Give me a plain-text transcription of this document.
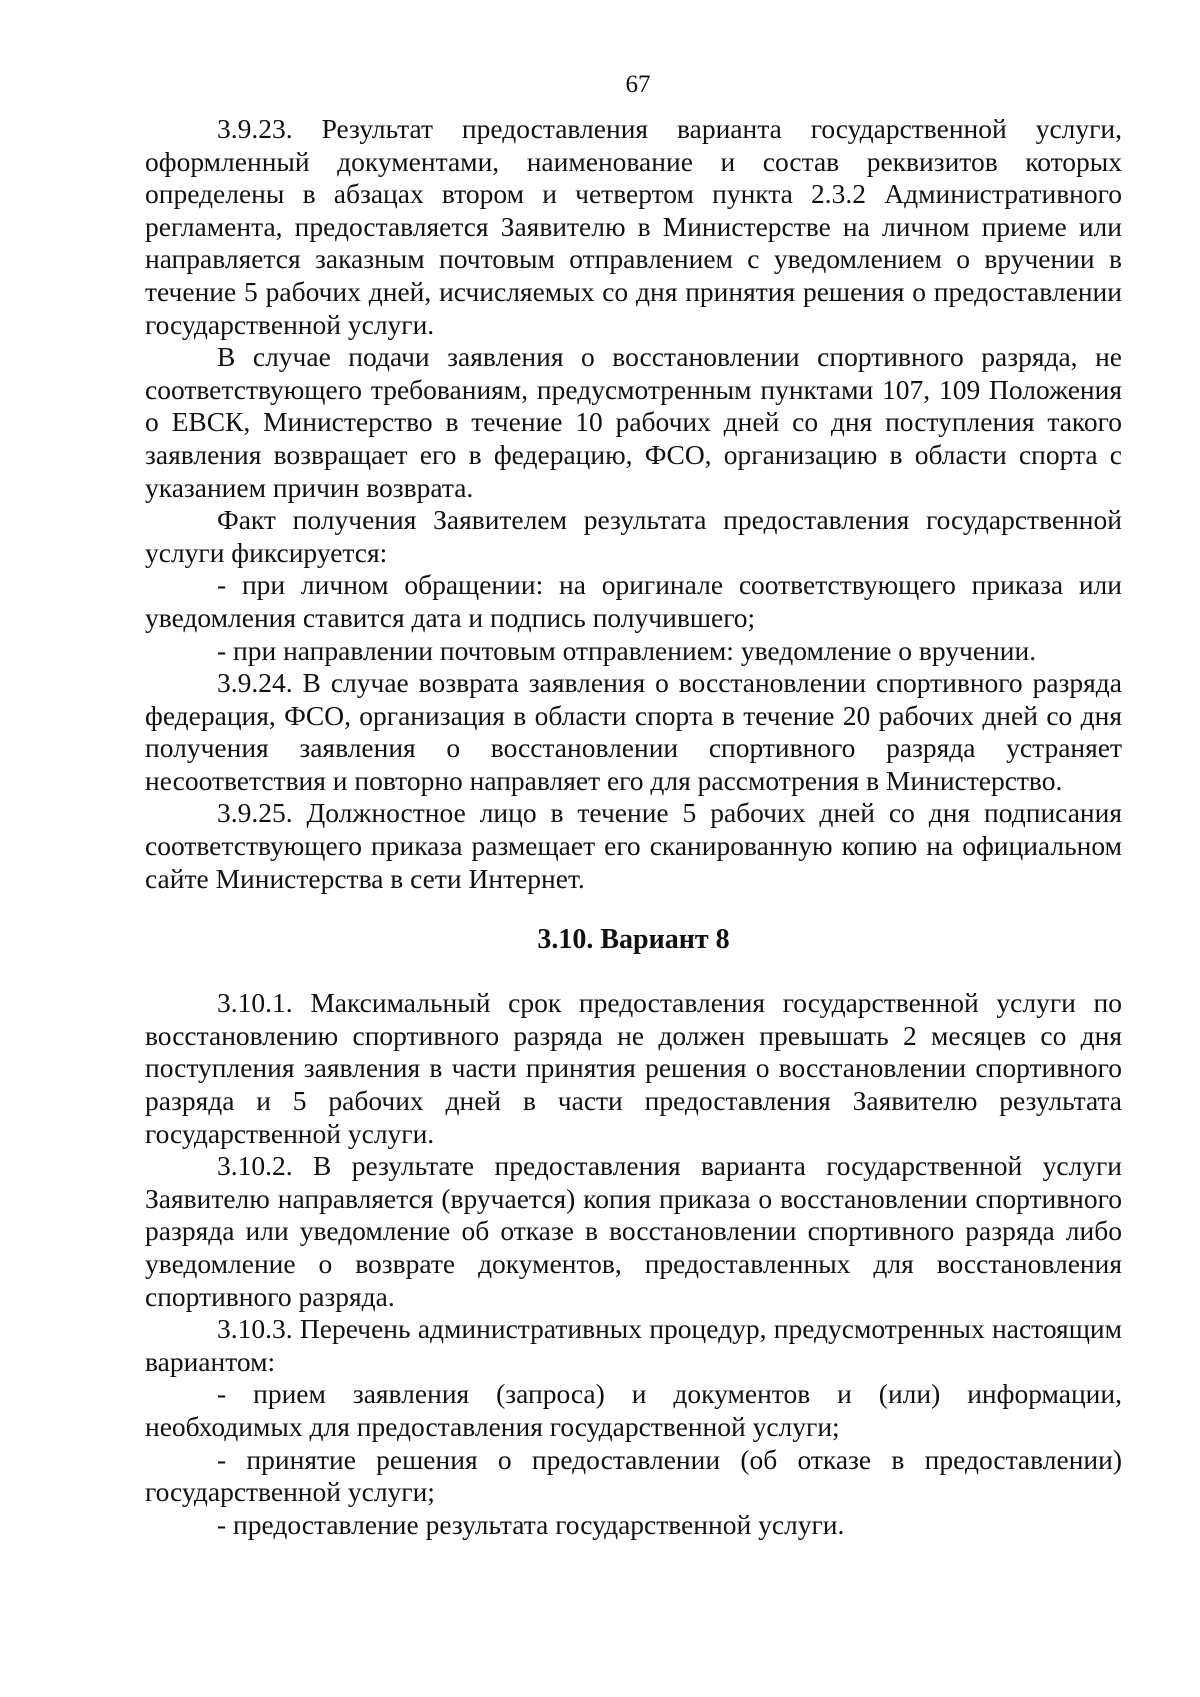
67

3.9.23. Результат предоставления варианта государственной услуги, оформленный документами, наименование и состав реквизитов которых определены в абзацах втором и четвертом пункта 2.3.2 Административного регламента, предоставляется Заявителю в Министерстве на личном приеме или направляется заказным почтовым отправлением с уведомлением о вручении в течение 5 рабочих дней, исчисляемых со дня принятия решения о предоставлении государственной услуги.

В случае подачи заявления о восстановлении спортивного разряда, не соответствующего требованиям, предусмотренным пунктами 107, 109 Положения о ЕВСК, Министерство в течение 10 рабочих дней со дня поступления такого заявления возвращает его в федерацию, ФСО, организацию в области спорта с указанием причин возврата.

Факт получения Заявителем результата предоставления государственной услуги фиксируется:

- при личном обращении: на оригинале соответствующего приказа или уведомления ставится дата и подпись получившего;

- при направлении почтовым отправлением: уведомление о вручении.

3.9.24. В случае возврата заявления о восстановлении спортивного разряда федерация, ФСО, организация в области спорта в течение 20 рабочих дней со дня получения заявления о восстановлении спортивного разряда устраняет несоответствия и повторно направляет его для рассмотрения в Министерство.

3.9.25. Должностное лицо в течение 5 рабочих дней со дня подписания соответствующего приказа размещает его сканированную копию на официальном сайте Министерства в сети Интернет.

3.10. Вариант 8

3.10.1. Максимальный срок предоставления государственной услуги по восстановлению спортивного разряда не должен превышать 2 месяцев со дня поступления заявления в части принятия решения о восстановлении спортивного разряда и 5 рабочих дней в части предоставления Заявителю результата государственной услуги.

3.10.2. В результате предоставления варианта государственной услуги Заявителю направляется (вручается) копия приказа о восстановлении спортивного разряда или уведомление об отказе в восстановлении спортивного разряда либо уведомление о возврате документов, предоставленных для восстановления спортивного разряда.

3.10.3. Перечень административных процедур, предусмотренных настоящим вариантом:

- прием заявления (запроса) и документов и (или) информации, необходимых для предоставления государственной услуги;

- принятие решения о предоставлении (об отказе в предоставлении) государственной услуги;

- предоставление результата государственной услуги.
